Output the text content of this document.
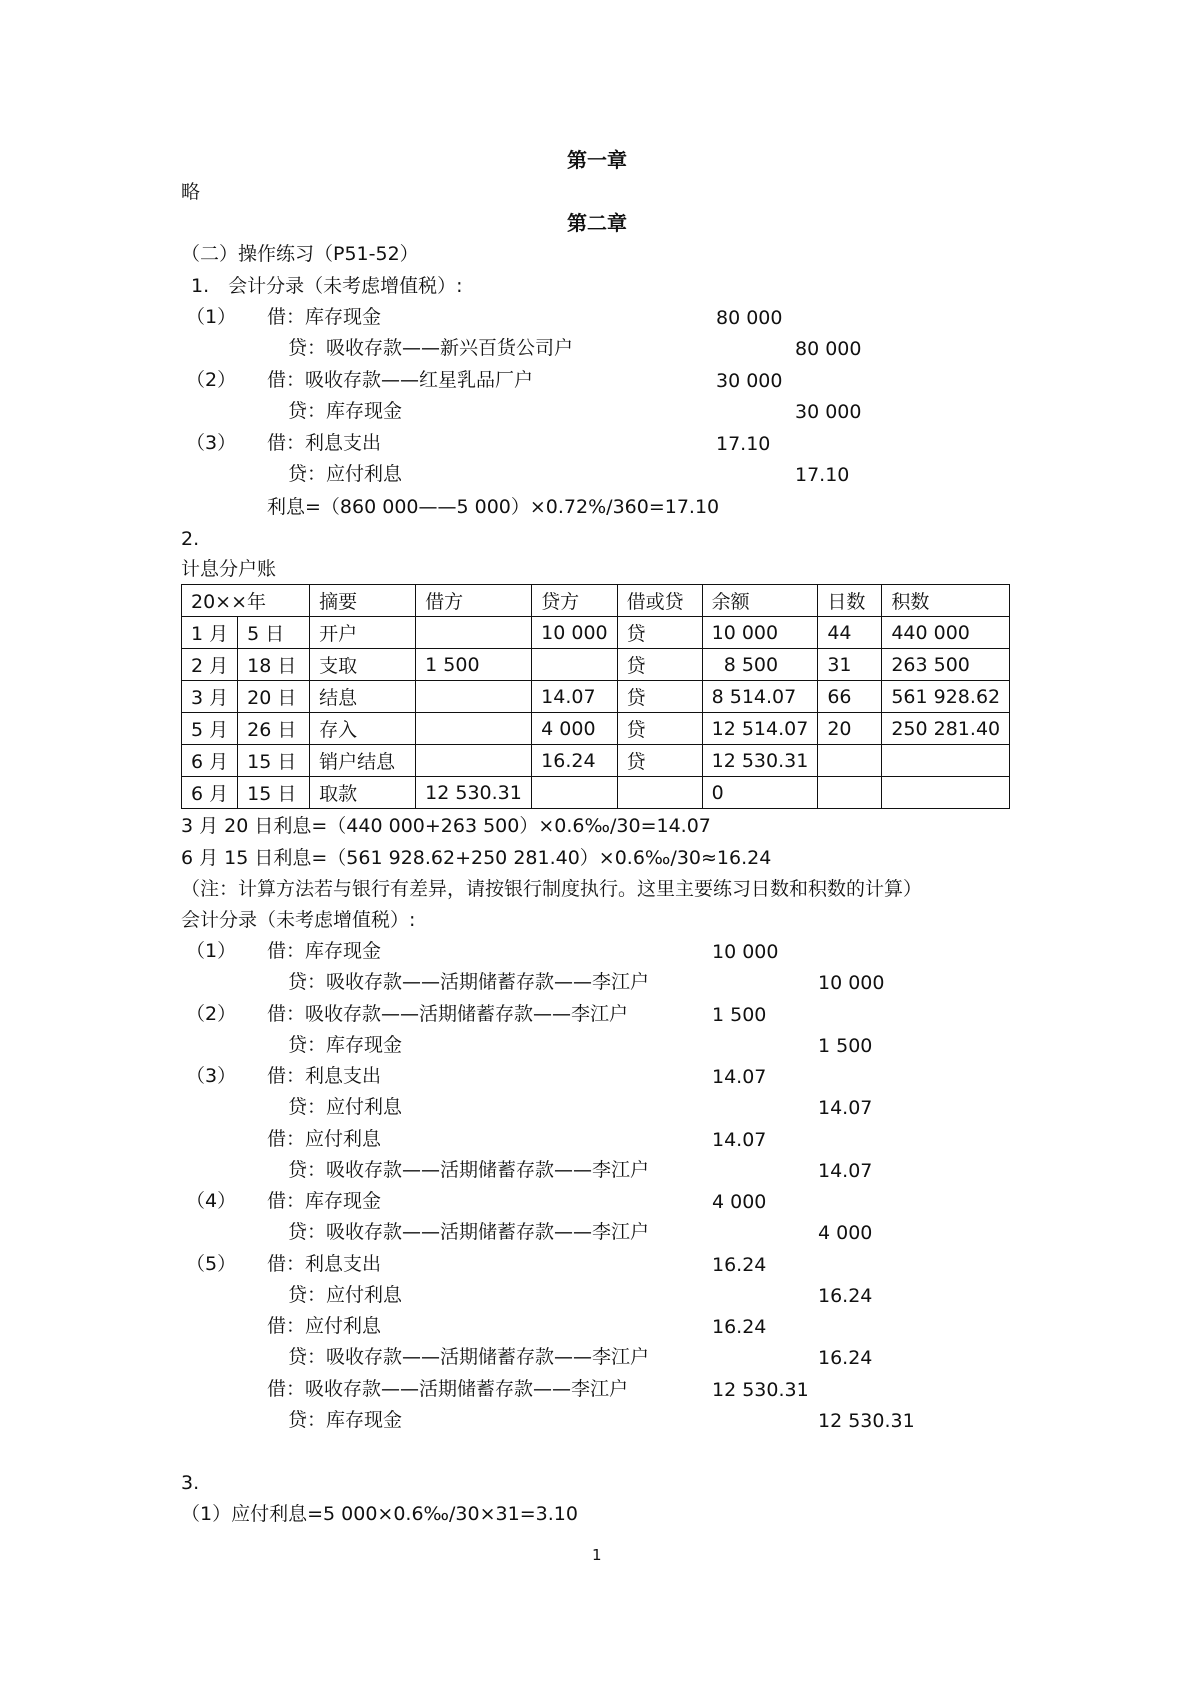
第一章
略
第二章
（二）操作练习（P51-52）
1.　会计分录（未考虑增值税）:
（1） 借：库存现金	80 000
贷：吸收存款——新兴百货公司户	80 000
（2） 借：吸收存款——红星乳品厂户	30 000
贷：库存现金	30 000
（3） 借：利息支出	17.10
贷：应付利息	17.10
利息=（860 000——5 000）×0.72%/360=17.10
2.
计息分户账
20××年		摘要	借方	贷方	借或贷	余额	日数	积数
1 月	5 日	开户		10 000	贷	10 000	44	440 000
2 月	18 日	支取	1 500		贷	8 500	31	263 500
3 月	20 日	结息		14.07	贷	8 514.07	66	561 928.62
5 月	26 日	存入		4 000	贷	12 514.07	20	250 281.40
6 月	15 日	销户结息		16.24	贷	12 530.31		
6 月	15 日	取款	12 530.31			0		
3 月 20 日利息=（440 000+263 500）×0.6‰/30=14.07
6 月 15 日利息=（561 928.62+250 281.40）×0.6‰/30≈16.24
（注：计算方法若与银行有差异，请按银行制度执行。这里主要练习日数和积数的计算）
会计分录（未考虑增值税）:
（1） 借：库存现金	10 000
贷：吸收存款——活期储蓄存款——李江户	10 000
（2） 借：吸收存款——活期储蓄存款——李江户	1 500
贷：库存现金	1 500
（3） 借：利息支出	14.07
贷：应付利息	14.07
借：应付利息	14.07
贷：吸收存款——活期储蓄存款——李江户	14.07
（4） 借：库存现金	4 000
贷：吸收存款——活期储蓄存款——李江户	4 000
（5） 借：利息支出	16.24
贷：应付利息	16.24
借：应付利息	16.24
贷：吸收存款——活期储蓄存款——李江户	16.24
借：吸收存款——活期储蓄存款——李江户	12 530.31
贷：库存现金	12 530.31
3.
（1）应付利息=5 000×0.6‰/30×31=3.10
1
